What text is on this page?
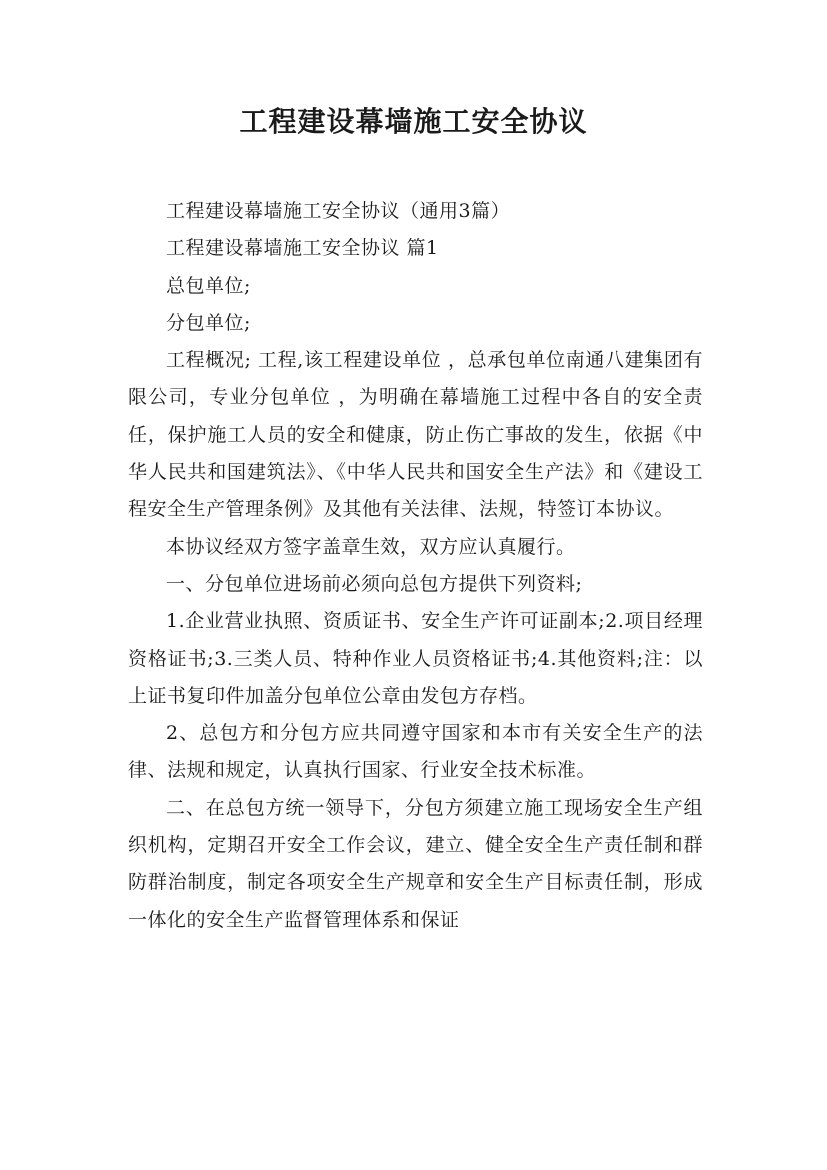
工程建设幕墙施工安全协议

工程建设幕墙施工安全协议（通用3篇）

工程建设幕墙施工安全协议 篇1

总包单位;

分包单位;

工程概况; 工程,该工程建设单位 ，总承包单位南通八建集团有限公司，专业分包单位 ，为明确在幕墙施工过程中各自的安全责任，保护施工人员的安全和健康，防止伤亡事故的发生，依据《中华人民共和国建筑法》、《中华人民共和国安全生产法》和《建设工程安全生产管理条例》及其他有关法律、法规，特签订本协议。

本协议经双方签字盖章生效，双方应认真履行。

一、分包单位进场前必须向总包方提供下列资料;

1.企业营业执照、资质证书、安全生产许可证副本;2.项目经理资格证书;3.三类人员、特种作业人员资格证书;4.其他资料;注：以上证书复印件加盖分包单位公章由发包方存档。

2、总包方和分包方应共同遵守国家和本市有关安全生产的法律、法规和规定，认真执行国家、行业安全技术标准。

二、在总包方统一领导下，分包方须建立施工现场安全生产组织机构，定期召开安全工作会议，建立、健全安全生产责任制和群防群治制度，制定各项安全生产规章和安全生产目标责任制，形成一体化的安全生产监督管理体系和保证
